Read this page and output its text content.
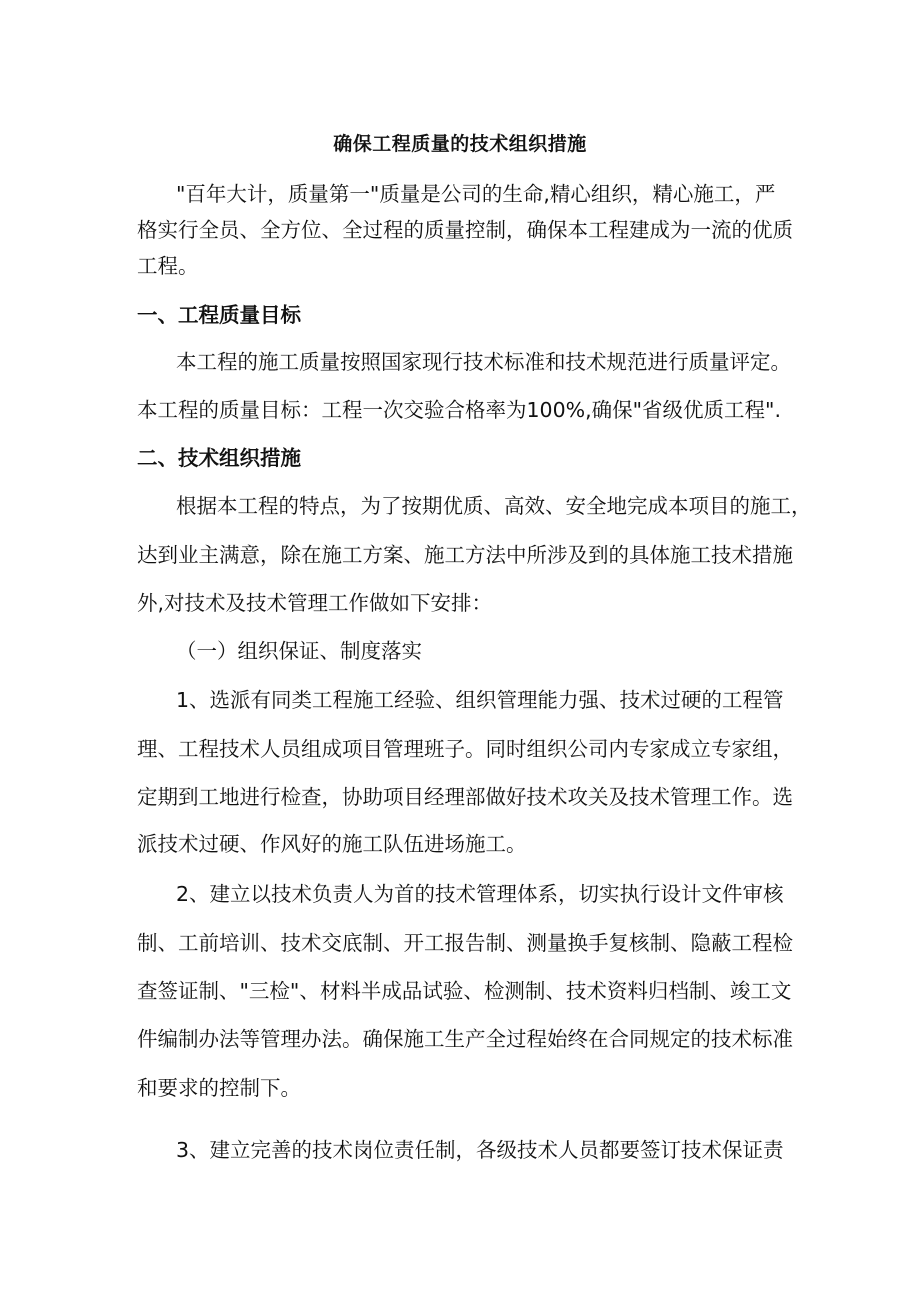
确保工程质量的技术组织措施
"百年大计，质量第一"质量是公司的生命,精心组织，精心施工，严
格实行全员、全方位、全过程的质量控制，确保本工程建成为一流的优质
工程。
一、工程质量目标
本工程的施工质量按照国家现行技术标准和技术规范进行质量评定。
本工程的质量目标：工程一次交验合格率为100%,确保"省级优质工程".
二、技术组织措施
根据本工程的特点，为了按期优质、高效、安全地完成本项目的施工，
达到业主满意，除在施工方案、施工方法中所涉及到的具体施工技术措施
外,对技术及技术管理工作做如下安排：
（一）组织保证、制度落实
1、选派有同类工程施工经验、组织管理能力强、技术过硬的工程管
理、工程技术人员组成项目管理班子。同时组织公司内专家成立专家组，
定期到工地进行检查，协助项目经理部做好技术攻关及技术管理工作。选
派技术过硬、作风好的施工队伍进场施工。
2、建立以技术负责人为首的技术管理体系，切实执行设计文件审核
制、工前培训、技术交底制、开工报告制、测量换手复核制、隐蔽工程检
查签证制、"三检"、材料半成品试验、检测制、技术资料归档制、竣工文
件编制办法等管理办法。确保施工生产全过程始终在合同规定的技术标准
和要求的控制下。
3、建立完善的技术岗位责任制，各级技术人员都要签订技术保证责
